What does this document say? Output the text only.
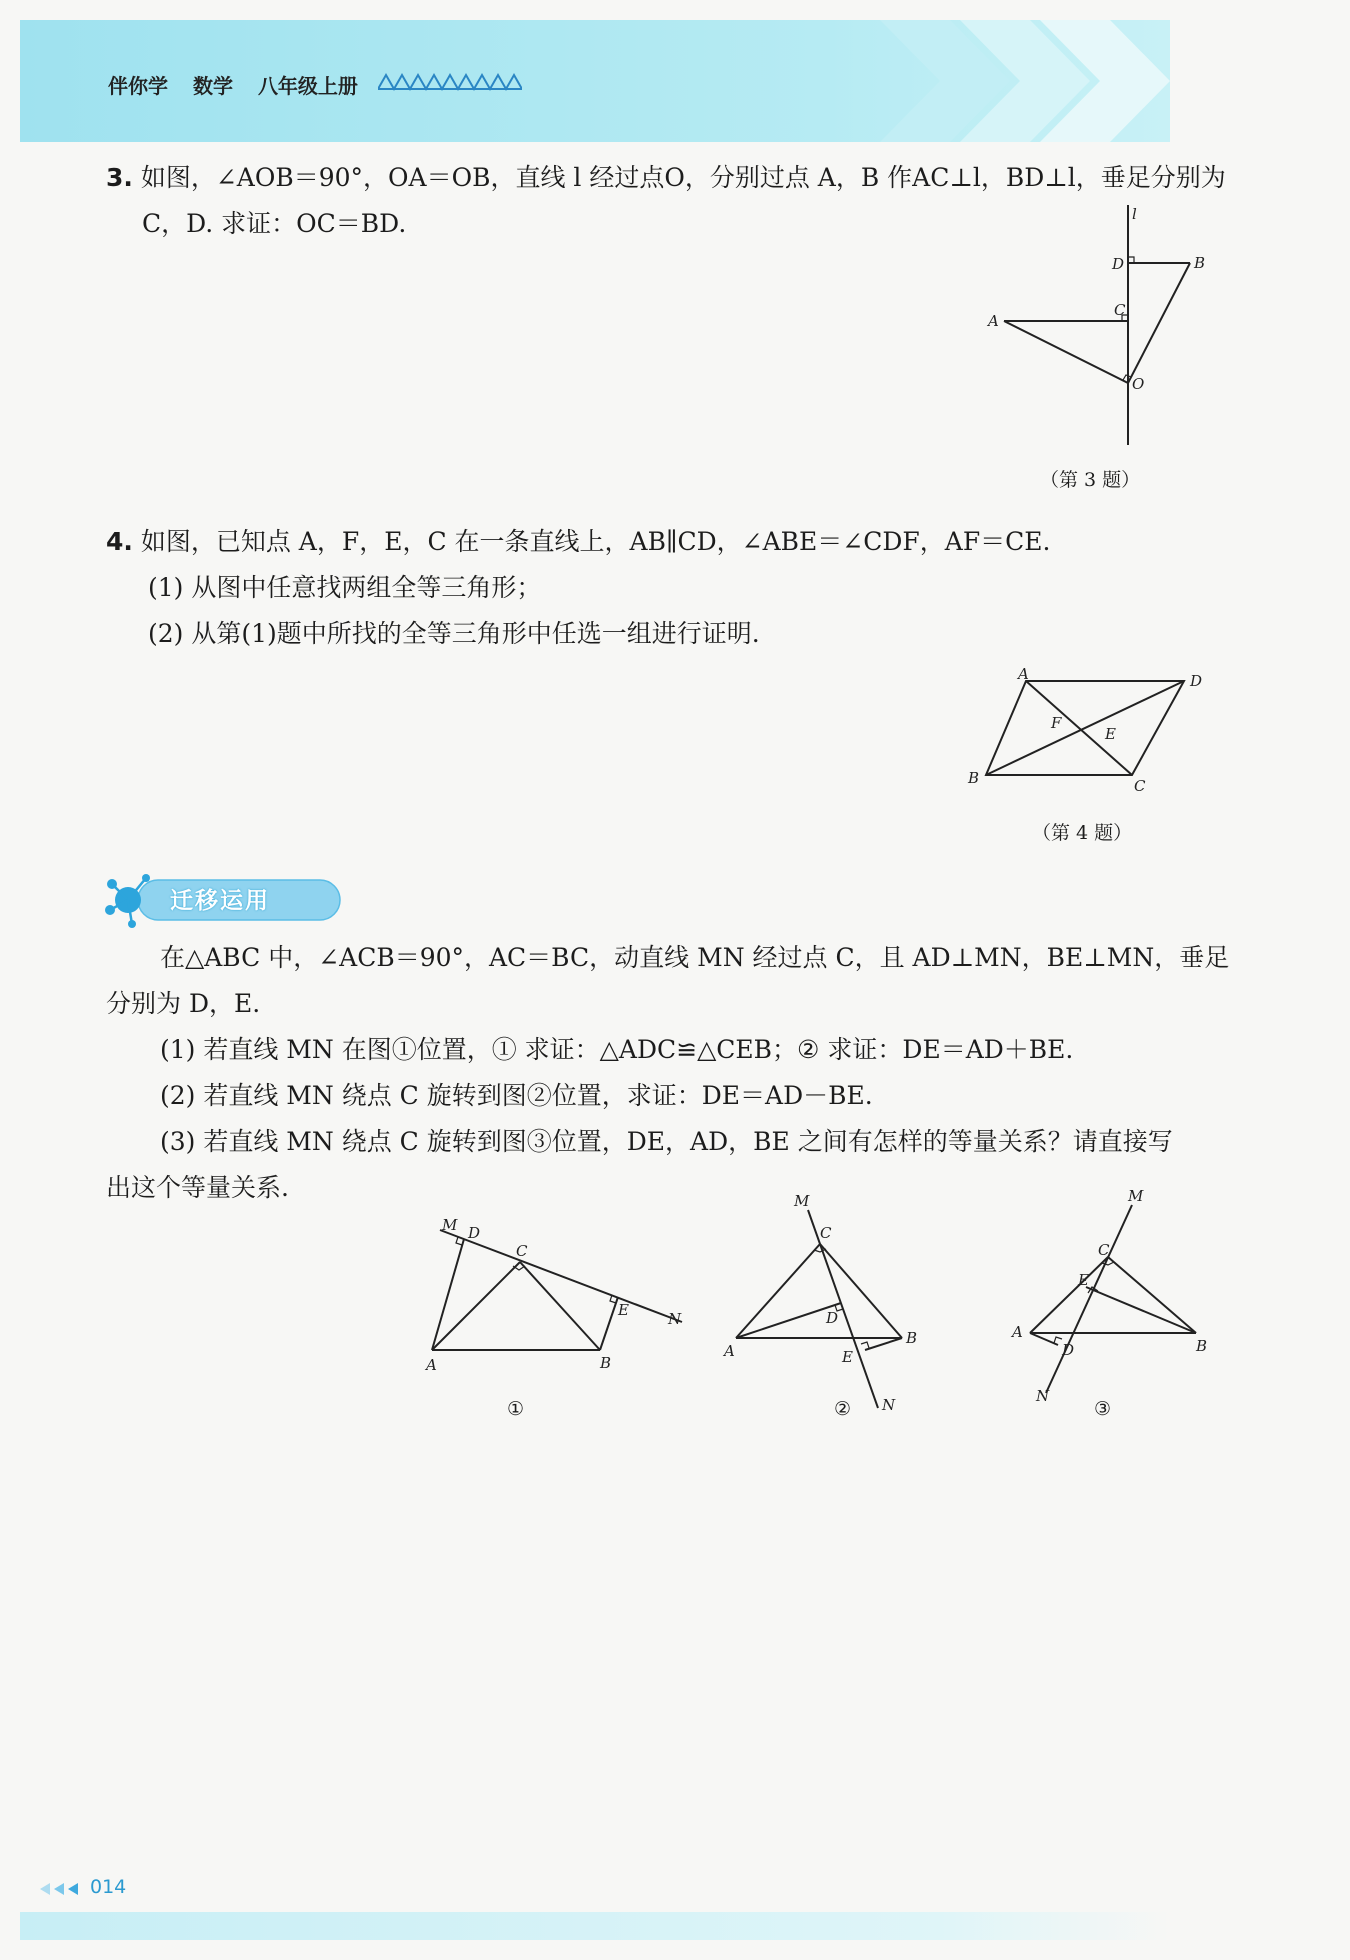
伴你学 数学 八年级上册
3. 如图，∠AOB＝90°，OA＝OB，直线 l 经过点O，分别过点 A，B 作AC⊥l，BD⊥l，垂足分别为
C，D. 求证：OC＝BD.	l
D	B
C
A
O
（第 3 题）
4. 如图，已知点 A，F，E，C 在一条直线上，AB∥CD，∠ABE＝∠CDF，AF＝CE.
(1) 从图中任意找两组全等三角形；
(2) 从第(1)题中所找的全等三角形中任选一组进行证明.
A	D
F
E
B	C
（第 4 题）
迁移运用
在△ABC 中，∠ACB＝90°，AC＝BC，动直线 MN 经过点 C，且 AD⊥MN，BE⊥MN，垂足
分别为 D，E.
(1) 若直线 MN 在图①位置，① 求证：△ADC≌△CEB；② 求证：DE＝AD＋BE.
(2) 若直线 MN 绕点 C 旋转到图②位置，求证：DE＝AD－BE.
(3) 若直线 MN 绕点 C 旋转到图③位置，DE，AD，BE 之间有怎样的等量关系？请直接写
出这个等量关系.
M D
C
E	N
A	B
M
C
D
E
A
B
N
M
C
E
A
D	B
N
①	②	③
014
